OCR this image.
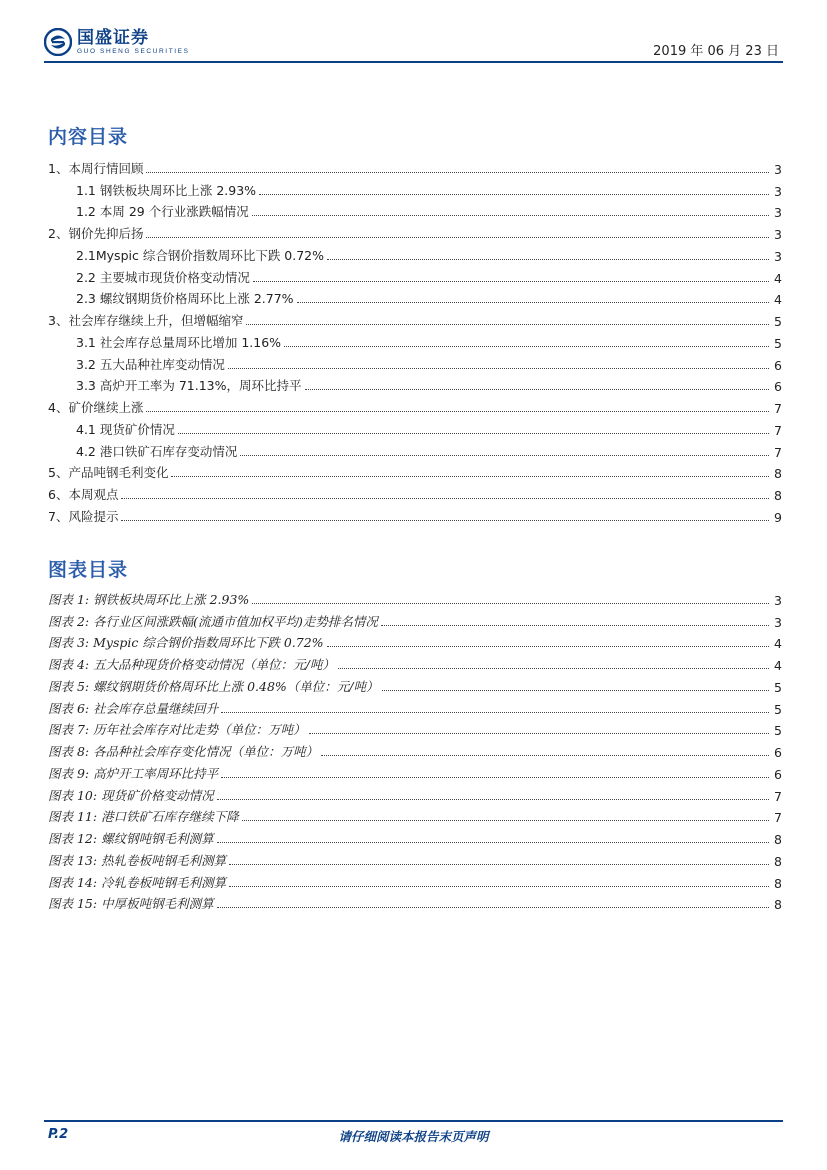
国盛证券
GUO SHENG SECURITIES	2019 年 06 月 23 日
内容目录
1、本周行情回顾	3
1.1 钢铁板块周环比上涨 2.93%	3
1.2 本周 29 个行业涨跌幅情况	3
2、钢价先抑后扬	3
2.1Myspic 综合钢价指数周环比下跌 0.72%	3
2.2 主要城市现货价格变动情况	4
2.3 螺纹钢期货价格周环比上涨 2.77%	4
3、社会库存继续上升，但增幅缩窄	5
3.1 社会库存总量周环比增加 1.16%	5
3.2 五大品种社库变动情况	6
3.3 高炉开工率为 71.13%，周环比持平	6
4、矿价继续上涨	7
4.1 现货矿价情况	7
4.2 港口铁矿石库存变动情况	7
5、产品吨钢毛利变化	8
6、本周观点	8
7、风险提示	9
图表目录
图表 1: 钢铁板块周环比上涨 2.93%	3
图表 2: 各行业区间涨跌幅(流通市值加权平均)走势排名情况	3
图表 3: Myspic 综合钢价指数周环比下跌 0.72%	4
图表 4: 五大品种现货价格变动情况（单位：元/吨）	4
图表 5: 螺纹钢期货价格周环比上涨 0.48%（单位：元/吨）	5
图表 6: 社会库存总量继续回升	5
图表 7: 历年社会库存对比走势（单位：万吨）	5
图表 8: 各品种社会库存变化情况（单位：万吨）	6
图表 9: 高炉开工率周环比持平	6
图表 10: 现货矿价格变动情况	7
图表 11: 港口铁矿石库存继续下降	7
图表 12: 螺纹钢吨钢毛利测算	8
图表 13: 热轧卷板吨钢毛利测算	8
图表 14: 冷轧卷板吨钢毛利测算	8
图表 15: 中厚板吨钢毛利测算	8
P.2	请仔细阅读本报告末页声明
